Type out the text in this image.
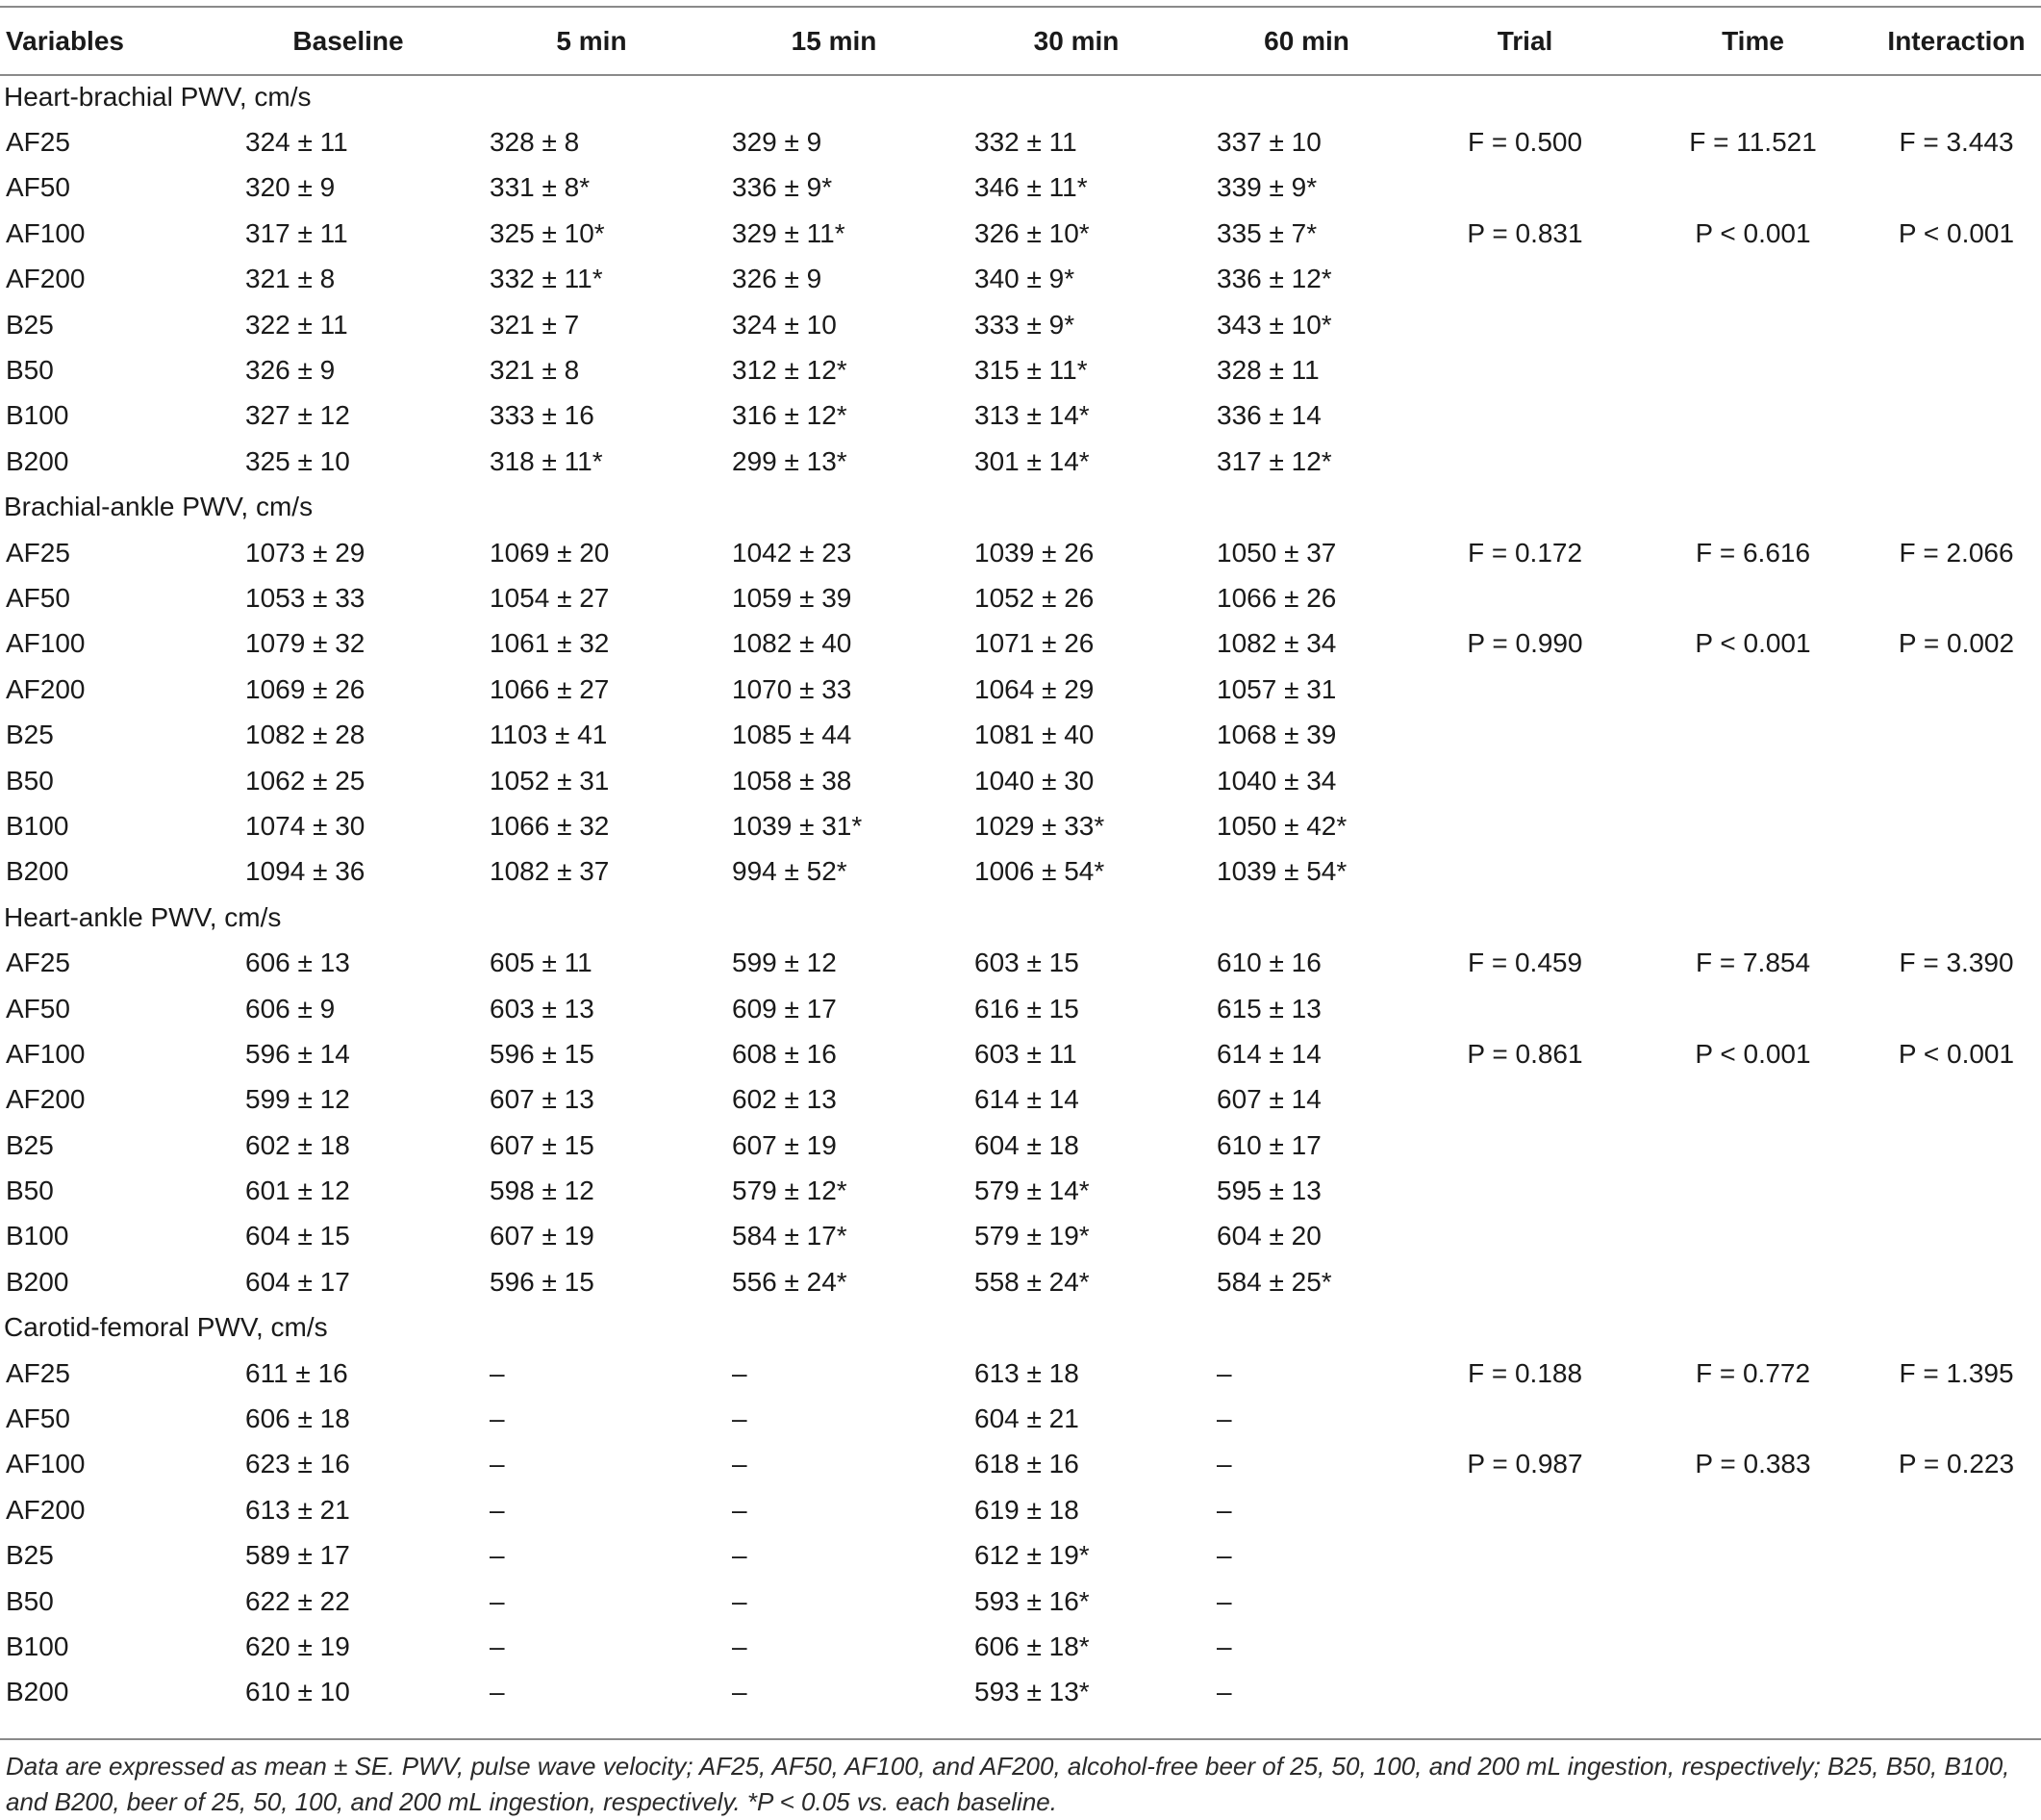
Variables	Baseline	5 min	15 min	30 min	60 min	Trial	Time	Interaction
Heart-brachial PWV, cm/s								
AF25	324 ± 11	328 ± 8	329 ± 9	332 ± 11	337 ± 10	F = 0.500	F = 11.521	F = 3.443
AF50	320 ± 9	331 ± 8*	336 ± 9*	346 ± 11*	339 ± 9*			
AF100	317 ± 11	325 ± 10*	329 ± 11*	326 ± 10*	335 ± 7*	P = 0.831	P < 0.001	P < 0.001
AF200	321 ± 8	332 ± 11*	326 ± 9	340 ± 9*	336 ± 12*			
B25	322 ± 11	321 ± 7	324 ± 10	333 ± 9*	343 ± 10*			
B50	326 ± 9	321 ± 8	312 ± 12*	315 ± 11*	328 ± 11			
B100	327 ± 12	333 ± 16	316 ± 12*	313 ± 14*	336 ± 14			
B200	325 ± 10	318 ± 11*	299 ± 13*	301 ± 14*	317 ± 12*			
Brachial-ankle PWV, cm/s								
AF25	1073 ± 29	1069 ± 20	1042 ± 23	1039 ± 26	1050 ± 37	F = 0.172	F = 6.616	F = 2.066
AF50	1053 ± 33	1054 ± 27	1059 ± 39	1052 ± 26	1066 ± 26			
AF100	1079 ± 32	1061 ± 32	1082 ± 40	1071 ± 26	1082 ± 34	P = 0.990	P < 0.001	P = 0.002
AF200	1069 ± 26	1066 ± 27	1070 ± 33	1064 ± 29	1057 ± 31			
B25	1082 ± 28	1103 ± 41	1085 ± 44	1081 ± 40	1068 ± 39			
B50	1062 ± 25	1052 ± 31	1058 ± 38	1040 ± 30	1040 ± 34			
B100	1074 ± 30	1066 ± 32	1039 ± 31*	1029 ± 33*	1050 ± 42*			
B200	1094 ± 36	1082 ± 37	994 ± 52*	1006 ± 54*	1039 ± 54*			
Heart-ankle PWV, cm/s								
AF25	606 ± 13	605 ± 11	599 ± 12	603 ± 15	610 ± 16	F = 0.459	F = 7.854	F = 3.390
AF50	606 ± 9	603 ± 13	609 ± 17	616 ± 15	615 ± 13			
AF100	596 ± 14	596 ± 15	608 ± 16	603 ± 11	614 ± 14	P = 0.861	P < 0.001	P < 0.001
AF200	599 ± 12	607 ± 13	602 ± 13	614 ± 14	607 ± 14			
B25	602 ± 18	607 ± 15	607 ± 19	604 ± 18	610 ± 17			
B50	601 ± 12	598 ± 12	579 ± 12*	579 ± 14*	595 ± 13			
B100	604 ± 15	607 ± 19	584 ± 17*	579 ± 19*	604 ± 20			
B200	604 ± 17	596 ± 15	556 ± 24*	558 ± 24*	584 ± 25*			
Carotid-femoral PWV, cm/s								
AF25	611 ± 16	–	–	613 ± 18	–	F = 0.188	F = 0.772	F = 1.395
AF50	606 ± 18	–	–	604 ± 21	–			
AF100	623 ± 16	–	–	618 ± 16	–	P = 0.987	P = 0.383	P = 0.223
AF200	613 ± 21	–	–	619 ± 18	–			
B25	589 ± 17	–	–	612 ± 19*	–			
B50	622 ± 22	–	–	593 ± 16*	–			
B100	620 ± 19	–	–	606 ± 18*	–			
B200	610 ± 10	–	–	593 ± 13*	–			
Data are expressed as mean ± SE. PWV, pulse wave velocity; AF25, AF50, AF100, and AF200, alcohol-free beer of 25, 50, 100, and 200 mL ingestion, respectively; B25, B50, B100, and B200, beer of 25, 50, 100, and 200 mL ingestion, respectively. *P < 0.05 vs. each baseline.
